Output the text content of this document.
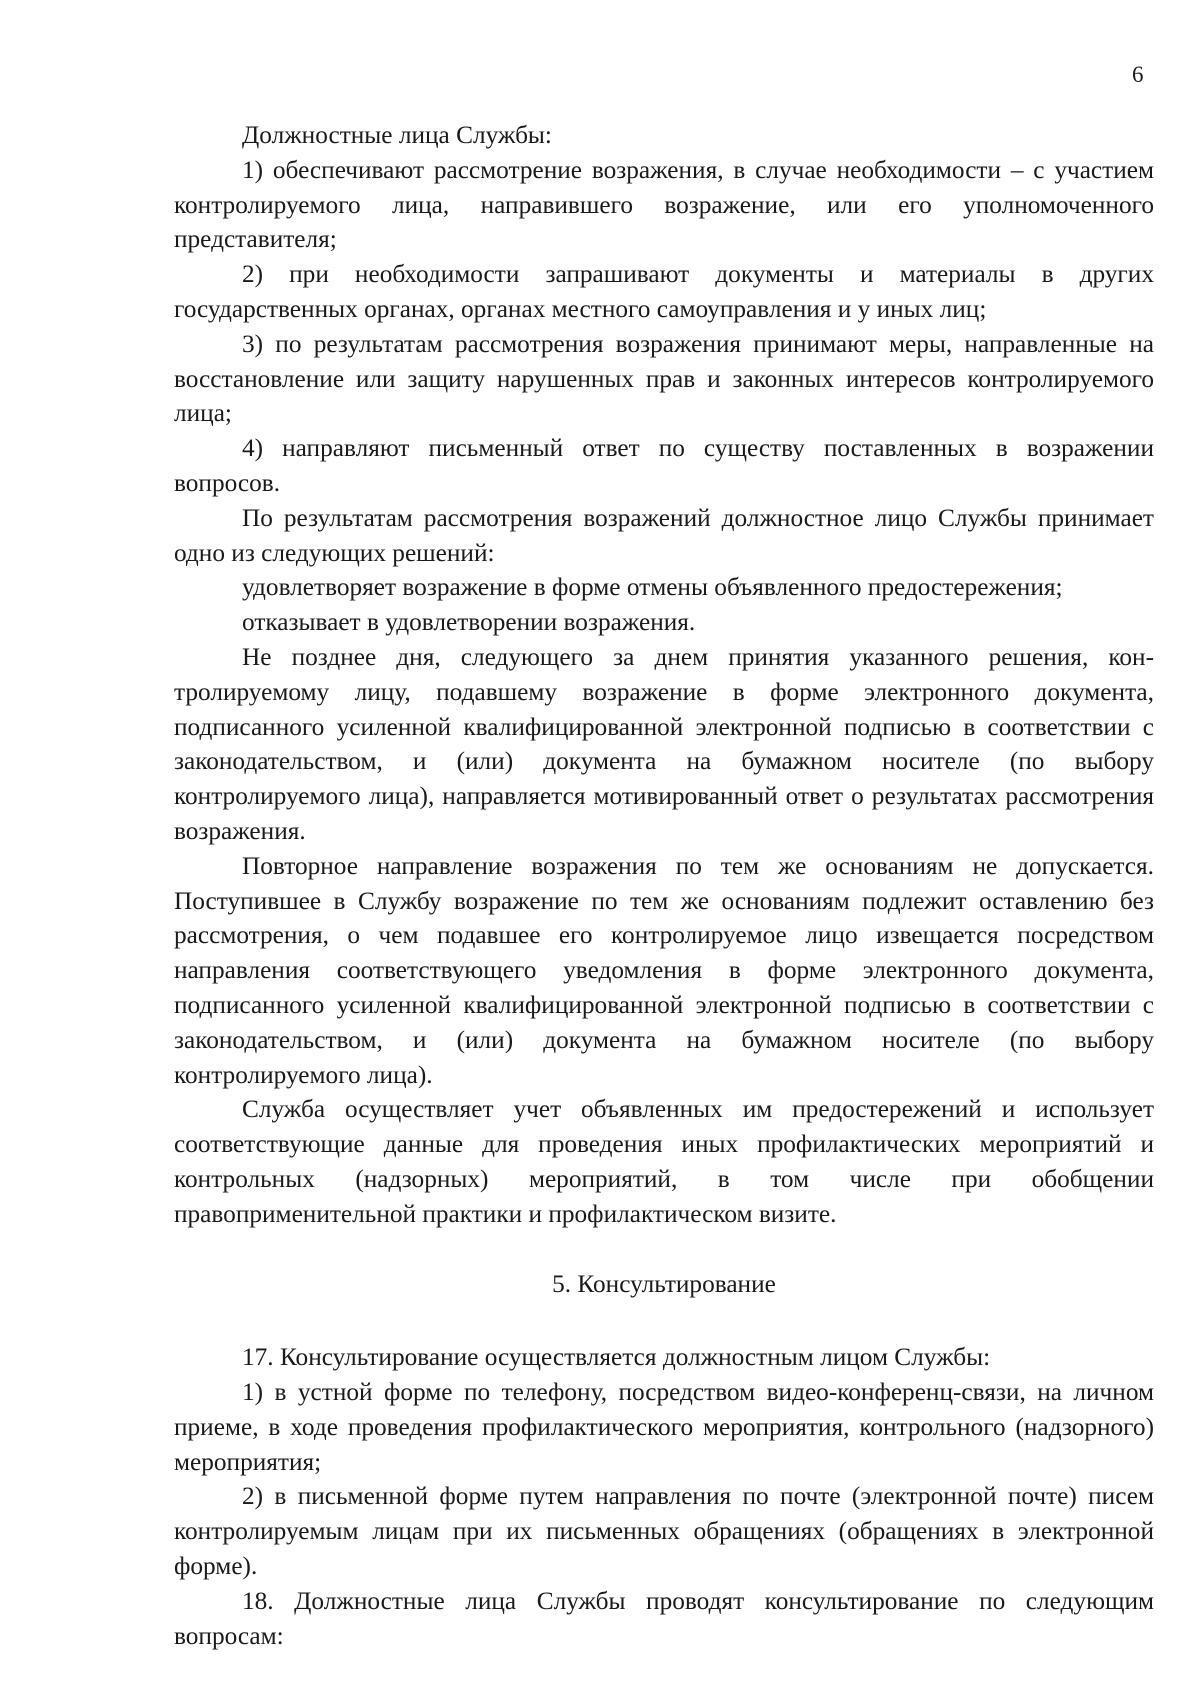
6

Должностные лица Службы:

1) обеспечивают рассмотрение возражения, в случае необходимости – с участием контролируемого лица, направившего возражение, или его уполномоченного представителя;

2) при необходимости запрашивают документы и материалы в других государственных органах, органах местного самоуправления и у иных лиц;

3) по результатам рассмотрения возражения принимают меры, направленные на восстановление или защиту нарушенных прав и законных интересов контролируемого лица;

4) направляют письменный ответ по существу поставленных в возражении вопросов.

По результатам рассмотрения возражений должностное лицо Службы принимает одно из следующих решений:

удовлетворяет возражение в форме отмены объявленного предостережения;

отказывает в удовлетворении возражения.

Не позднее дня, следующего за днем принятия указанного решения, контролируемому лицу, подавшему возражение в форме электронного документа, подписанного усиленной квалифицированной электронной подписью в соответствии с законодательством, и (или) документа на бумажном носителе (по выбору контролируемого лица), направляется мотивированный ответ о результатах рассмотрения возражения.

Повторное направление возражения по тем же основаниям не допускается. Поступившее в Службу возражение по тем же основаниям подлежит оставлению без рассмотрения, о чем подавшее его контролируемое лицо извещается посредством направления соответствующего уведомления в форме электронного документа, подписанного усиленной квалифицированной электронной подписью в соответствии с законодательством, и (или) документа на бумажном носителе (по выбору контролируемого лица).

Служба осуществляет учет объявленных им предостережений и использует соответствующие данные для проведения иных профилактических мероприятий и контрольных (надзорных) мероприятий, в том числе при обобщении правоприменительной практики и профилактическом визите.

5. Консультирование

17. Консультирование осуществляется должностным лицом Службы:

1) в устной форме по телефону, посредством видео-конференц-связи, на личном приеме, в ходе проведения профилактического мероприятия, контрольного (надзорного) мероприятия;

2) в письменной форме путем направления по почте (электронной почте) писем контролируемым лицам при их письменных обращениях (обращениях в электронной форме).

18. Должностные лица Службы проводят консультирование по следующим вопросам:
